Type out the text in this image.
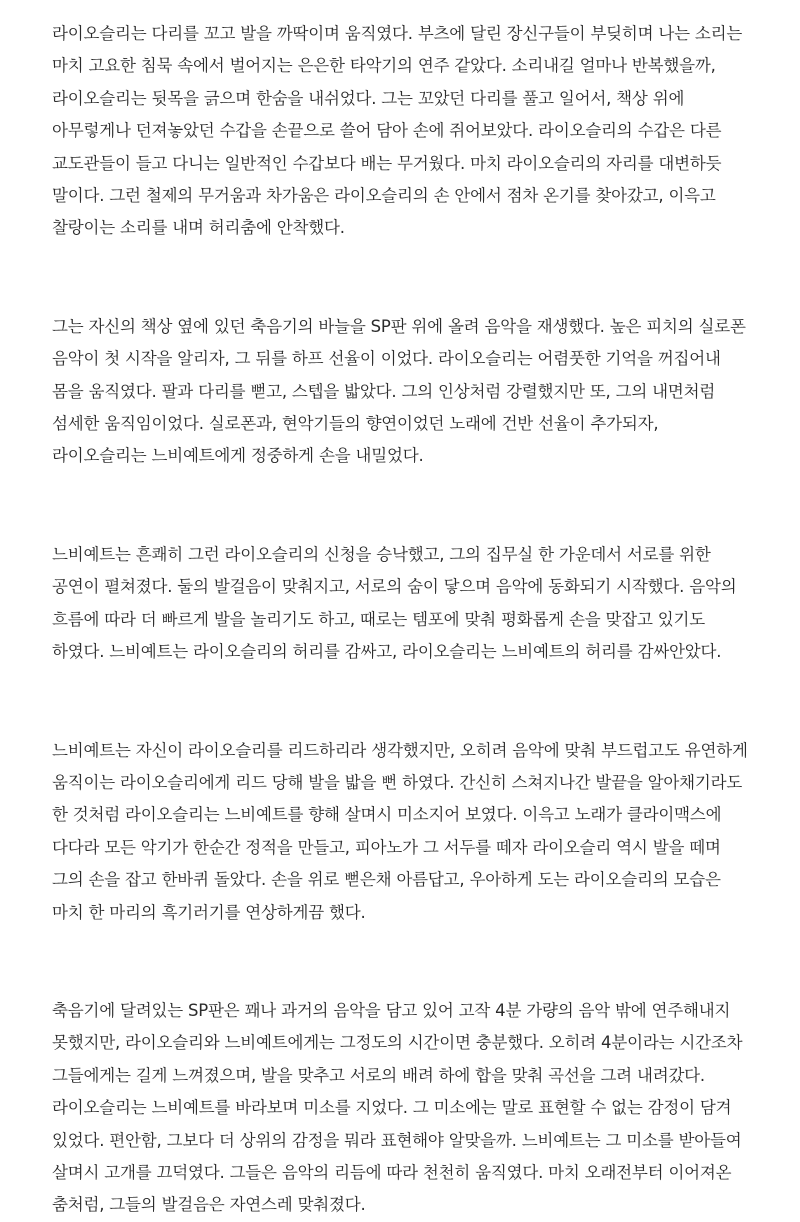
라이오슬리는 다리를 꼬고 발을 까딱이며 움직였다. 부츠에 달린 장신구들이 부딪히며 나는 소리는 마치 고요한 침묵 속에서 벌어지는 은은한 타악기의 연주 같았다. 소리내길 얼마나 반복했을까, 라이오슬리는 뒷목을 긁으며 한숨을 내쉬었다. 그는 꼬았던 다리를 풀고 일어서, 책상 위에 아무렇게나 던져놓았던 수갑을 손끝으로 쓸어 담아 손에 쥐어보았다. 라이오슬리의 수갑은 다른 교도관들이 들고 다니는 일반적인 수갑보다 배는 무거웠다. 마치 라이오슬리의 자리를 대변하듯 말이다. 그런 철제의 무거움과 차가움은 라이오슬리의 손 안에서 점차 온기를 찾아갔고, 이윽고 찰랑이는 소리를 내며 허리춤에 안착했다.

그는 자신의 책상 옆에 있던 축음기의 바늘을 SP판 위에 올려 음악을 재생했다. 높은 피치의 실로폰 음악이 첫 시작을 알리자, 그 뒤를 하프 선율이 이었다. 라이오슬리는 어렴풋한 기억을 꺼집어내 몸을 움직였다. 팔과 다리를 뻗고, 스텝을 밟았다. 그의 인상처럼 강렬했지만 또, 그의 내면처럼 섬세한 움직임이었다. 실로폰과, 현악기들의 향연이었던 노래에 건반 선율이 추가되자, 라이오슬리는 느비예트에게 정중하게 손을 내밀었다.

느비예트는 흔쾌히 그런 라이오슬리의 신청을 승낙했고, 그의 집무실 한 가운데서 서로를 위한 공연이 펼쳐졌다. 둘의 발걸음이 맞춰지고, 서로의 숨이 닿으며 음악에 동화되기 시작했다. 음악의 흐름에 따라 더 빠르게 발을 놀리기도 하고, 때로는 템포에 맞춰 평화롭게 손을 맞잡고 있기도 하였다. 느비예트는 라이오슬리의 허리를 감싸고, 라이오슬리는 느비예트의 허리를 감싸안았다.

느비예트는 자신이 라이오슬리를 리드하리라 생각했지만, 오히려 음악에 맞춰 부드럽고도 유연하게 움직이는 라이오슬리에게 리드 당해 발을 밟을 뻔 하였다. 간신히 스쳐지나간 발끝을 알아채기라도 한 것처럼 라이오슬리는 느비예트를 향해 살며시 미소지어 보였다. 이윽고 노래가 클라이맥스에 다다라 모든 악기가 한순간 정적을 만들고, 피아노가 그 서두를 떼자 라이오슬리 역시 발을 떼며 그의 손을 잡고 한바퀴 돌았다. 손을 위로 뻗은채 아름답고, 우아하게 도는 라이오슬리의 모습은 마치 한 마리의 흑기러기를 연상하게끔 했다.

축음기에 달려있는 SP판은 꽤나 과거의 음악을 담고 있어 고작 4분 가량의 음악 밖에 연주해내지 못했지만, 라이오슬리와 느비예트에게는 그정도의 시간이면 충분했다. 오히려 4분이라는 시간조차 그들에게는 길게 느껴졌으며, 발을 맞추고 서로의 배려 하에 합을 맞춰 곡선을 그려 내려갔다. 라이오슬리는 느비예트를 바라보며 미소를 지었다. 그 미소에는 말로 표현할 수 없는 감정이 담겨 있었다. 편안함, 그보다 더 상위의 감정을 뭐라 표현해야 알맞을까. 느비예트는 그 미소를 받아들여 살며시 고개를 끄덕였다. 그들은 음악의 리듬에 따라 천천히 움직였다. 마치 오래전부터 이어져온 춤처럼, 그들의 발걸음은 자연스레 맞춰졌다.
